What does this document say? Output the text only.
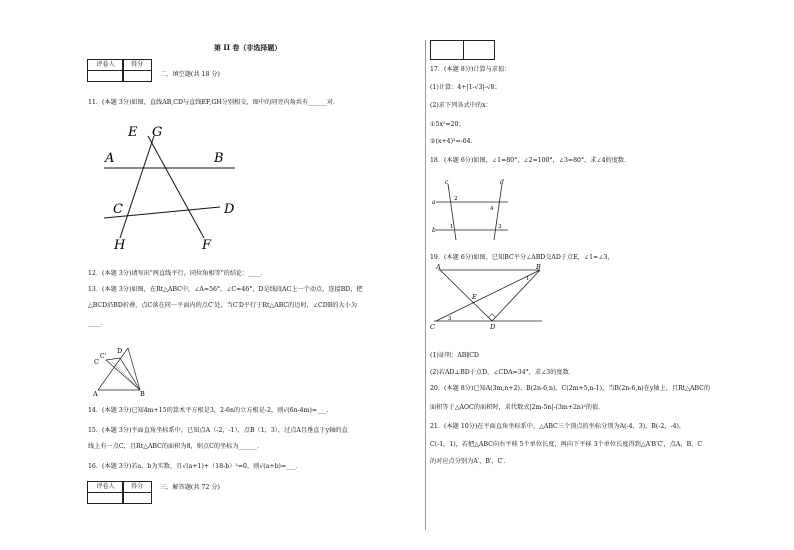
第 II 卷（非选择题）
评卷人	得分
二、填空题(共 18 分)
11．(本题 3分)如图，直线AB,CD与直线EF,GH分别相交，图中的同旁内角共有______对．
E G
A	B
C	D
H	F
12．(本题 3分)请写出"两直线平行，同位角相等"的结论：____．
13．(本题 3分)如图，在Rt△ABC中，∠A=56°，∠C=46°，D是线段AC上一个动点，连接BD，把
△BCD沿BD折叠，点C落在同一平面内的点C′处，当C′D平行于Rt△ABC的边时，∠CDB的大小为
____．
C
C'
D
A	B
14．(本题 3分)已知4m+15的算术平方根是3，2-6n的立方根是-2，则√(6n-4m)=___.
15．(本题 3分)平面直角坐标系中，已知点A（-2，-1），点B（1，3），过点A且垂直于y轴的直
线上有一点C，且Rt△ABC的面积为8，则点C的坐标为______．
16．(本题 3分)若a，b为实数，且√(a+1)+（18-b）²=0，则√(a+b)=___．
评卷人	得分	三、解答题(共 72 分)
17．(本题 8分)计算与求值：
(1)计算：4+|1-√3|-√8；
(2)求下列各式中的x：
①5x²=20；
②(x+4)³=-64．
18．(本题 6分)如图，∠1=80°，∠2=100°，∠3=80°，求∠4的度数．
c	d
a
b
2
4
1	3
19．(本题 6分)如图，已知BC平分∠ABD交AD于点E，∠1=∠3，
A	B
E
C	D
1
3
(1)证明：AB∥CD
(2)若AD⊥BD于点D，∠CDA=34°，求∠3的度数．
20．(本题 8分)已知A(3m,n+2)、B(2n-6,n)、C(2m+5,n-1)，当B(2n-6,n)在y轴上，且Rt△ABC的
面积等于△AOC的面积时，求代数式|2m-5n|-(3m+2n)²的值．
21．(本题 10分)在平面直角坐标系中，△ABC三个顶点的坐标分别为A(-4，3)，B(-2，-4)，
C(-1，1)，若把△ABC向右平移 5个单位长度，再向下平移 3个单位长度得到△A′B′C′，点A，B，C
的对应点分别为A′，B′，C′．
